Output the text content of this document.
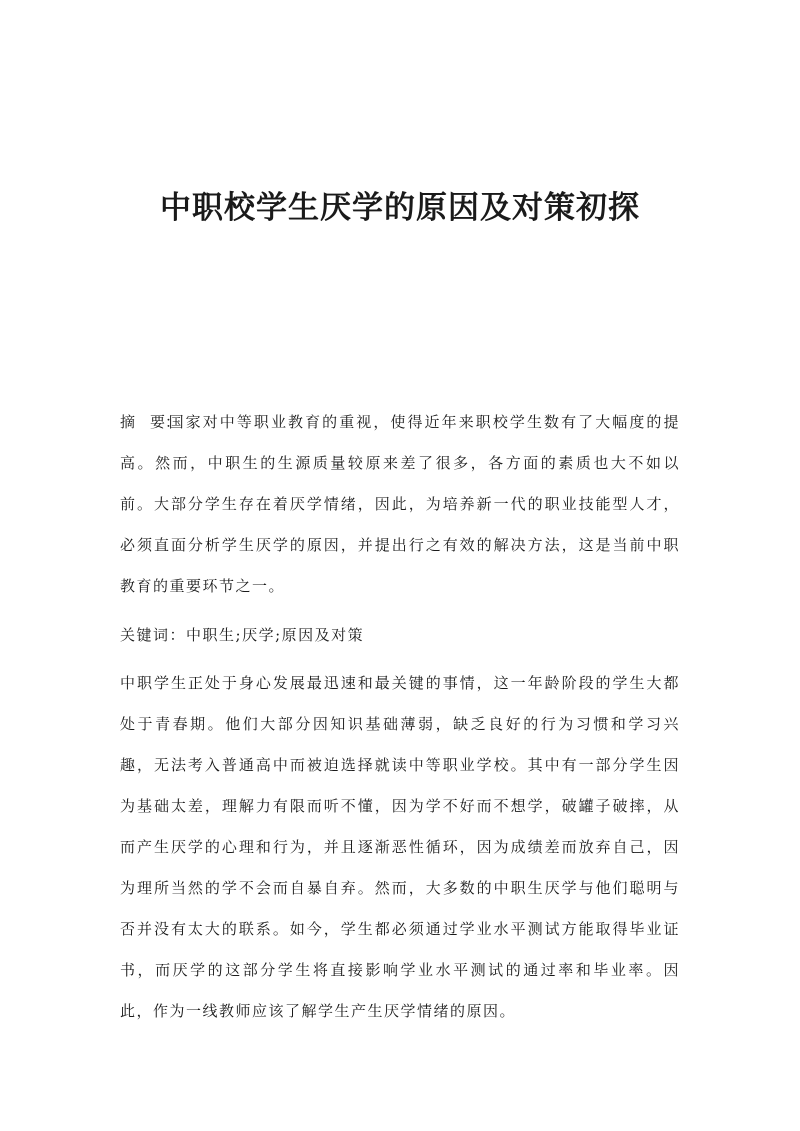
中职校学生厌学的原因及对策初探

摘　要：国家对中等职业教育的重视，使得近年来职校学生数有了大幅度的提高。然而，中职生的生源质量较原来差了很多，各方面的素质也大不如以前。大部分学生存在着厌学情绪，因此，为培养新一代的职业技能型人才，必须直面分析学生厌学的原因，并提出行之有效的解决方法，这是当前中职教育的重要环节之一。

关键词：中职生;厌学;原因及对策

中职学生正处于身心发展最迅速和最关键的事情，这一年龄阶段的学生大都处于青春期。他们大部分因知识基础薄弱，缺乏良好的行为习惯和学习兴趣，无法考入普通高中而被迫选择就读中等职业学校。其中有一部分学生因为基础太差，理解力有限而听不懂，因为学不好而不想学，破罐子破摔，从而产生厌学的心理和行为，并且逐渐恶性循环，因为成绩差而放弃自己，因为理所当然的学不会而自暴自弃。然而，大多数的中职生厌学与他们聪明与否并没有太大的联系。如今，学生都必须通过学业水平测试方能取得毕业证书，而厌学的这部分学生将直接影响学业水平测试的通过率和毕业率。因此，作为一线教师应该了解学生产生厌学情绪的原因。
